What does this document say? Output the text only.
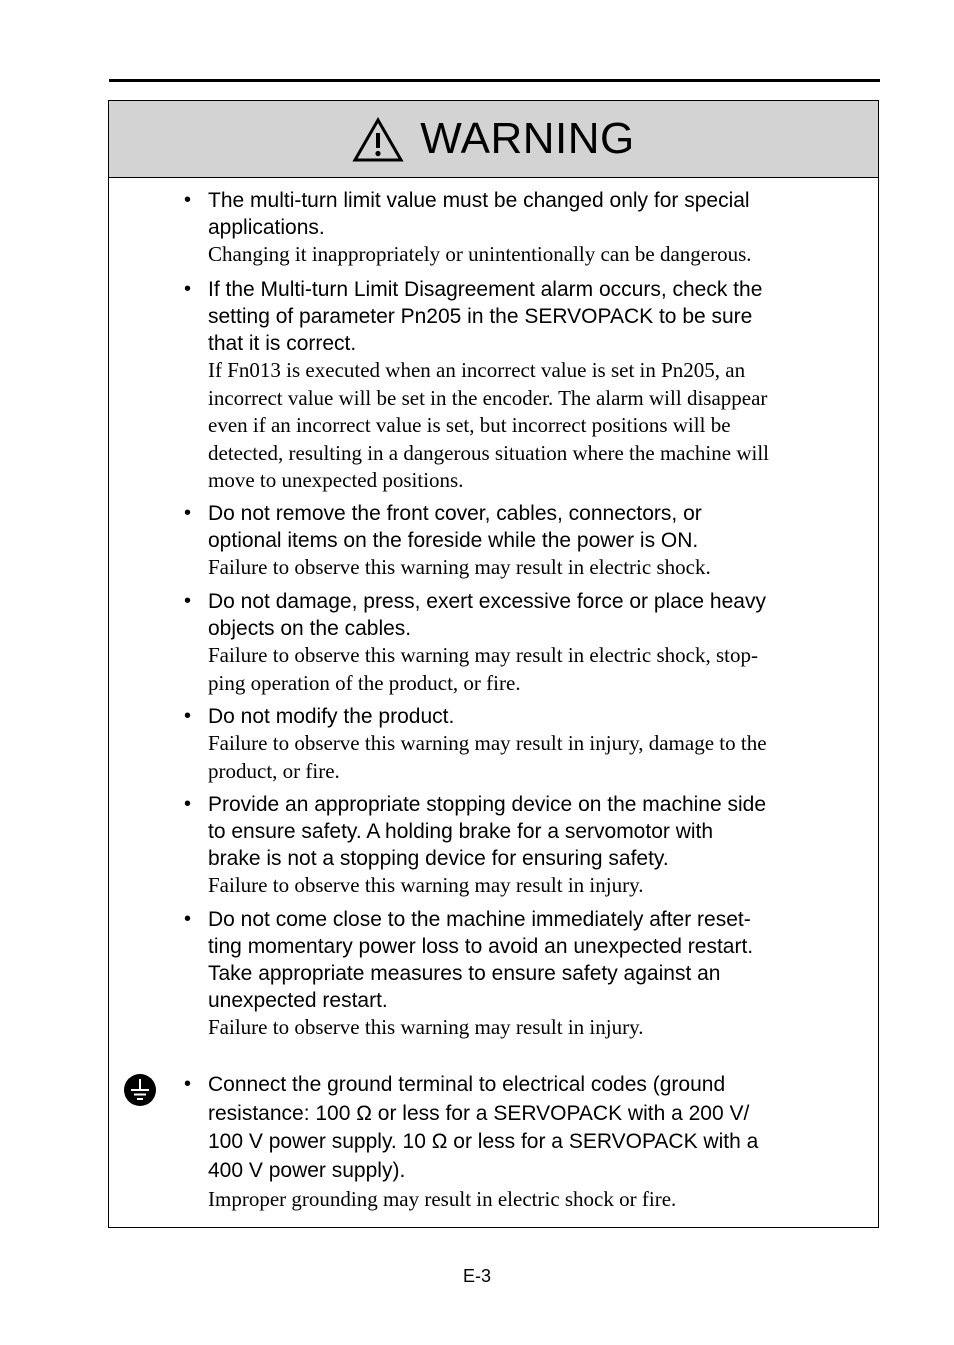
WARNING
• The multi-turn limit value must be changed only for special
applications.
Changing it inappropriately or unintentionally can be dangerous.
• If the Multi-turn Limit Disagreement alarm occurs, check the
setting of parameter Pn205 in the SERVOPACK to be sure
that it is correct.
If Fn013 is executed when an incorrect value is set in Pn205, an
incorrect value will be set in the encoder. The alarm will disappear
even if an incorrect value is set, but incorrect positions will be
detected, resulting in a dangerous situation where the machine will
move to unexpected positions.
• Do not remove the front cover, cables, connectors, or
optional items on the foreside while the power is ON.
Failure to observe this warning may result in electric shock.
• Do not damage, press, exert excessive force or place heavy
objects on the cables.
Failure to observe this warning may result in electric shock, stop-
ping operation of the product, or fire.
• Do not modify the product.
Failure to observe this warning may result in injury, damage to the
product, or fire.
• Provide an appropriate stopping device on the machine side
to ensure safety. A holding brake for a servomotor with
brake is not a stopping device for ensuring safety.
Failure to observe this warning may result in injury.
• Do not come close to the machine immediately after reset-
ting momentary power loss to avoid an unexpected restart.
Take appropriate measures to ensure safety against an
unexpected restart.
Failure to observe this warning may result in injury.
• Connect the ground terminal to electrical codes (ground
resistance: 100 Ω or less for a SERVOPACK with a 200 V/
100 V power supply. 10 Ω or less for a SERVOPACK with a
400 V power supply).
Improper grounding may result in electric shock or fire.
E-3
